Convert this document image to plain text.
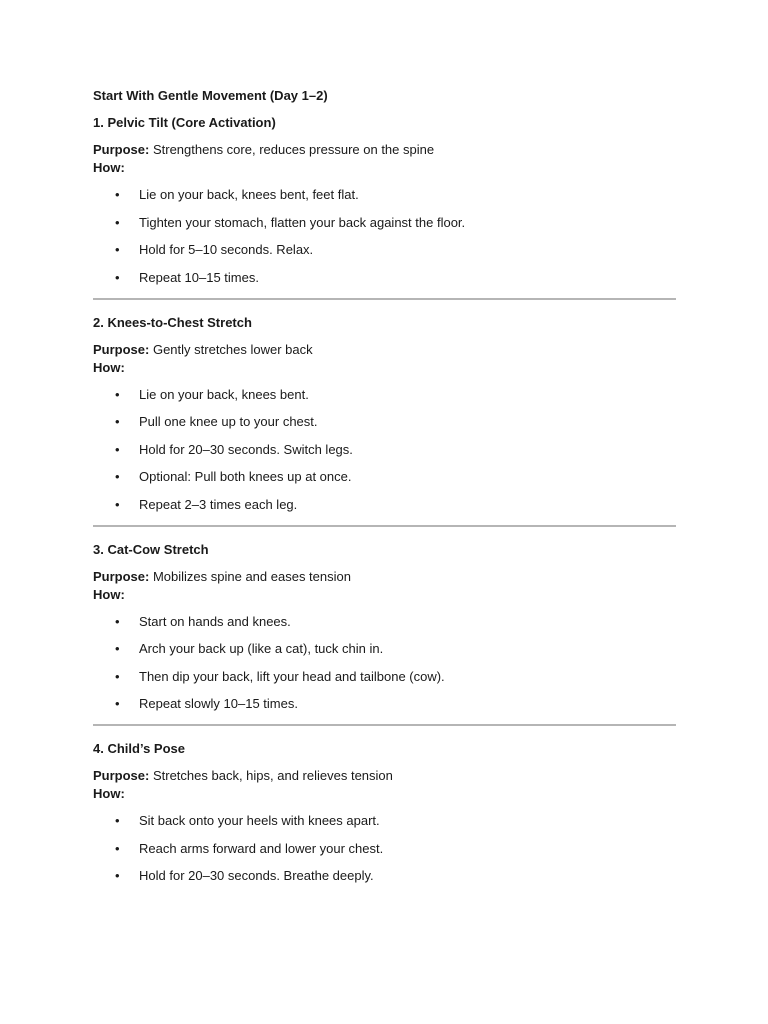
Start With Gentle Movement (Day 1–2)
1. Pelvic Tilt (Core Activation)

Purpose: Strengthens core, reduces pressure on the spine

How:
• Lie on your back, knees bent, feet flat.
• Tighten your stomach, flatten your back against the floor.
• Hold for 5–10 seconds. Relax.
• Repeat 10–15 times.
2. Knees-to-Chest Stretch

Purpose: Gently stretches lower back

How:
• Lie on your back, knees bent.
• Pull one knee up to your chest.
• Hold for 20–30 seconds. Switch legs.
• Optional: Pull both knees up at once.
• Repeat 2–3 times each leg.
3. Cat-Cow Stretch

Purpose: Mobilizes spine and eases tension

How:
• Start on hands and knees.
• Arch your back up (like a cat), tuck chin in.
• Then dip your back, lift your head and tailbone (cow).
• Repeat slowly 10–15 times.
4. Child’s Pose

Purpose: Stretches back, hips, and relieves tension

How:
• Sit back onto your heels with knees apart.
• Reach arms forward and lower your chest.
• Hold for 20–30 seconds. Breathe deeply.
